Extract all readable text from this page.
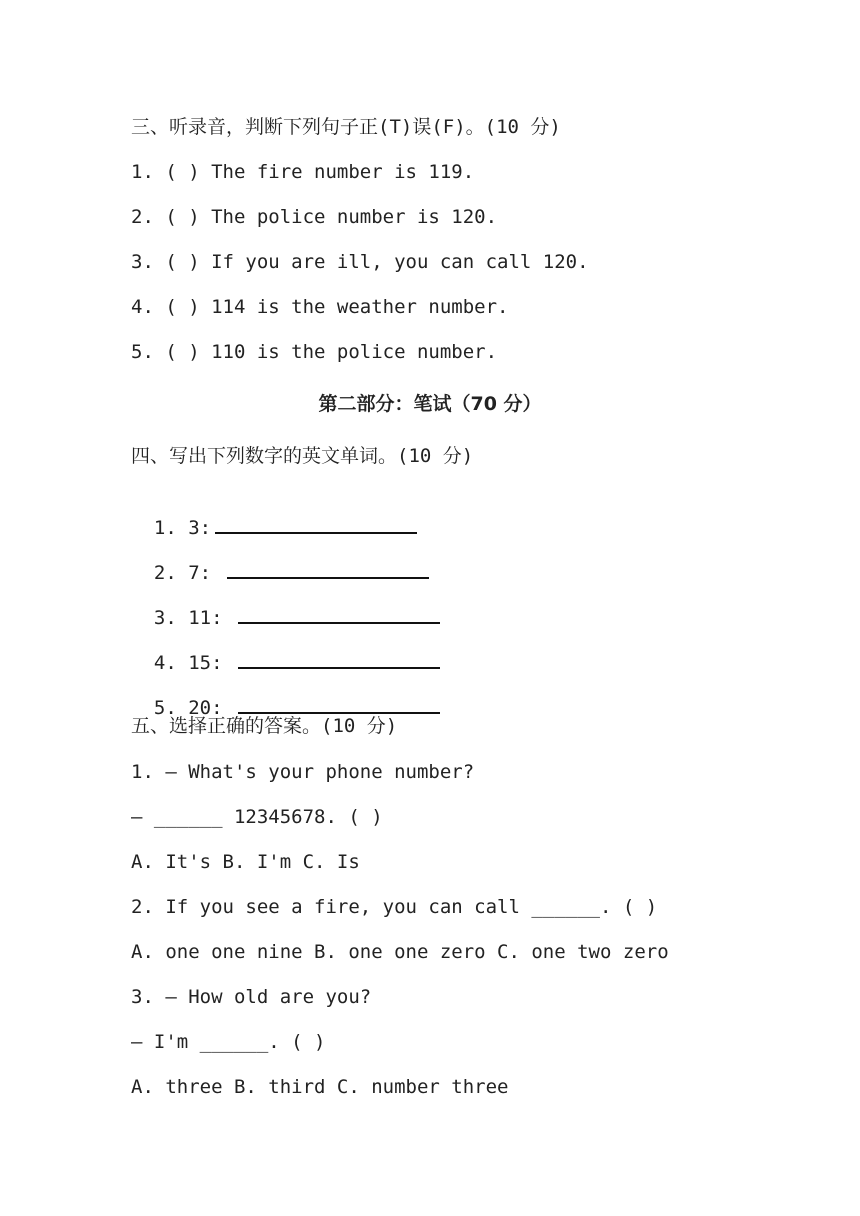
三、听录音，判断下列句子正(T)误(F)。(10 分)
1. ( ) The fire number is 119.
2. ( ) The police number is 120.
3. ( ) If you are ill, you can call 120.
4. ( ) 114 is the weather number.
5. ( ) 110 is the police number.
第二部分：笔试（70 分）
四、写出下列数字的英文单词。(10 分)

1. 3:

2. 7:

3. 11:

4. 15:

5. 20:

五、选择正确的答案。(10 分)
1. — What's your phone number?
— ______ 12345678. ( )
A. It's B. I'm C. Is
2. If you see a fire, you can call ______. ( )
A. one one nine B. one one zero C. one two zero
3. — How old are you?
— I'm ______. ( )
A. three B. third C. number three
